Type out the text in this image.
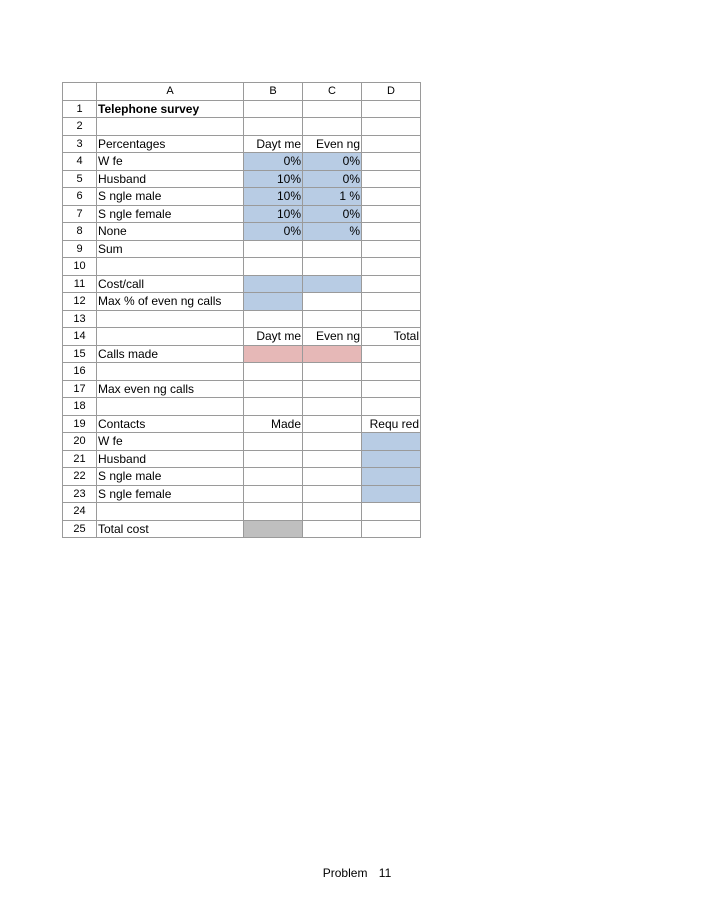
	A	B	C	D
1	Telephone survey			
2				
3	Percentages	Dayt me	Even ng	
4	W fe	0%	0%	
5	Husband	10%	0%	
6	S ngle male	10%	1 %	
7	S ngle female	10%	0%	
8	None	0%	%	
9	Sum			
10				
11	Cost/call			
12	Max % of even ng calls			
13				
14		Dayt me	Even ng	Total
15	Calls made			
16				
17	Max even ng calls			
18				
19	Contacts	Made		Requ red
20	W fe			
21	Husband			
22	S ngle male			
23	S ngle female			
24				
25	Total cost			
Problem 11
